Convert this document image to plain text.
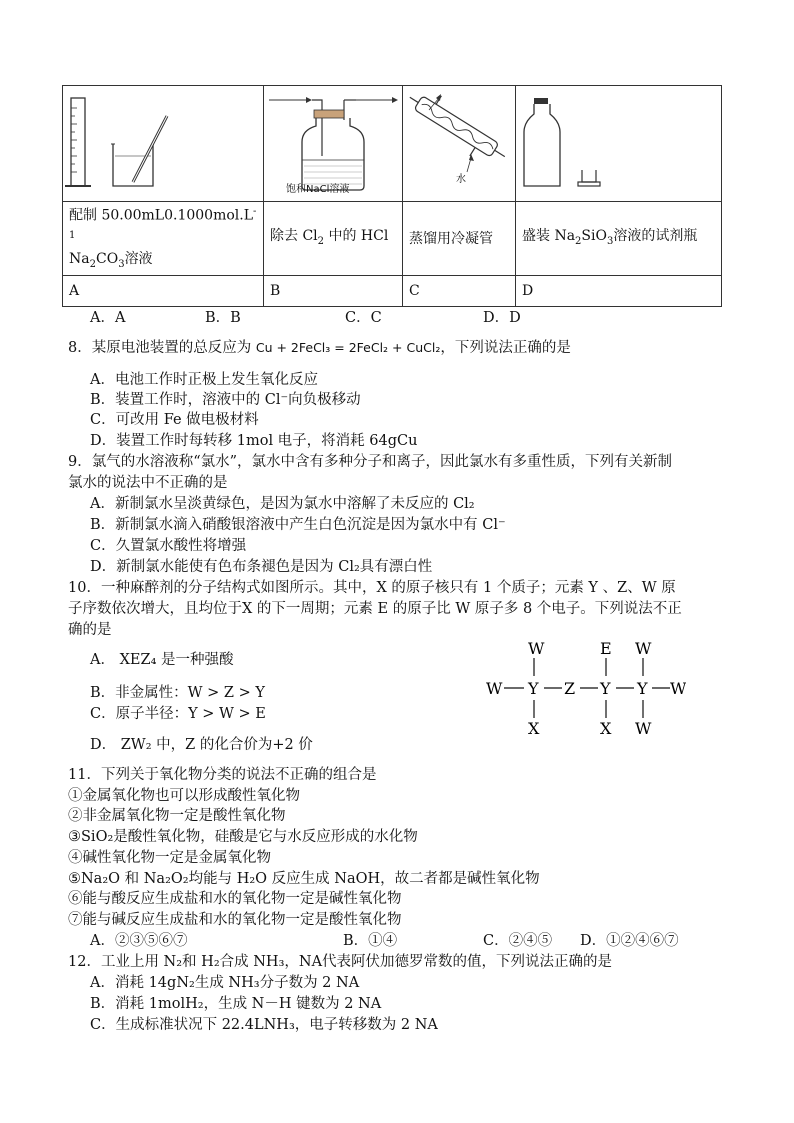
饱和NaCl溶液	水

配制 $50.00mL0.1000mol.L^{-1}$
$Na_2CO_3$溶液	除去 $Cl_2$ 中的 HCl	蒸馏用冷凝管	盛装 $Na_2SiO_3$溶液的试剂瓶
A	B	C	D
A．A	B．B	C．C	D．D
8．某原电池装置的总反应为 Cu + 2FeCl₃ = 2FeCl₂ + CuCl₂，下列说法正确的是
A．电池工作时正极上发生氧化反应
B．装置工作时，溶液中的 Cl⁻向负极移动
C．可改用 Fe 做电极材料
D．装置工作时每转移 1mol 电子，将消耗 64gCu
9．氯气的水溶液称“氯水”，氯水中含有多种分子和离子，因此氯水有多重性质，下列有关新制
氯水的说法中不正确的是
A．新制氯水呈淡黄绿色，是因为氯水中溶解了未反应的 Cl₂
B．新制氯水滴入硝酸银溶液中产生白色沉淀是因为氯水中有 Cl⁻
C．久置氯水酸性将增强
D．新制氯水能使有色布条褪色是因为 Cl₂具有漂白性
10．一种麻醉剂的分子结构式如图所示。其中，X 的原子核只有 1 个质子；元素 Y 、Z、W 原
子序数依次增大，且均位于X 的下一周期；元素 E 的原子比 W 原子多 8 个电子。下列说法不正
确的是
A． XEZ₄ 是一种强酸
B．非金属性：W > Z > Y
C．原子半径：Y > W > E
D． ZW₂ 中，Z 的化合价为+2 价
W
W
Y Z Y Y W
X
E
X
W
W
11．下列关于氧化物分类的说法不正确的组合是
①金属氧化物也可以形成酸性氧化物
②非金属氧化物一定是酸性氧化物
③SiO₂是酸性氧化物，硅酸是它与水反应形成的水化物
④碱性氧化物一定是金属氧化物
⑤Na₂O 和 Na₂O₂均能与 H₂O 反应生成 NaOH，故二者都是碱性氧化物
⑥能与酸反应生成盐和水的氧化物一定是碱性氧化物
⑦能与碱反应生成盐和水的氧化物一定是酸性氧化物
A．②③⑤⑥⑦	B．①④	C．②④⑤ D．①②④⑥⑦
12．工业上用 N₂和 H₂合成 NH₃，NA代表阿伏加德罗常数的值，下列说法正确的是
A．消耗 14gN₂生成 NH₃分子数为 2 NA
B．消耗 1molH₂，生成 N－H 键数为 2 NA
C．生成标准状况下 22.4LNH₃，电子转移数为 2 NA
